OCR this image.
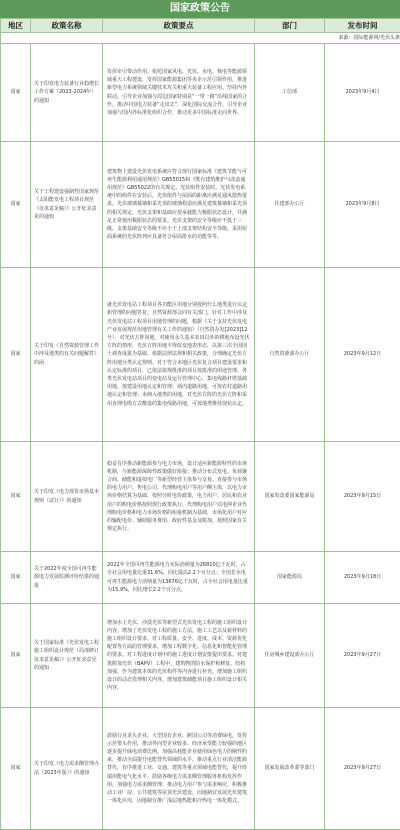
国家政策公告
地区	政策名称	政策要点	部门	发布时间
来源：国际能源网/光伏头条				
国家	关于印发电力装备行业稳增长工作方案（2023-2024年）的通知	发挥牵引带动作用。依托国家风电、光伏、水电、核电等能源领域重大工程建设，发挥国家能源集团等央企示范引领作用，推进新型电力系统领域关键技术攻关和重大装备工程应用。坚持内外联动，引导企业加强与周边国家特别是“一带一路”沿线国家的合作，推动中国电力装备“走出去”，深化国际交流合作。引导企业加强与国内外标准化组织合作，推动更多中国标准走向世界。	工信部	2023年9月4日
国家	关于工程建设强制性国家规范《太阳能发电工程项目规范（征求意见稿）》公开征求意见的通知	建筑物上建设光伏发电系统应符合现行国家标准《建筑节能与可再生能源利用通用规范》GB55015和《既有建筑维护与改造通用规范》GB55022的有关规定。光伏组件安装时，光伏发电系统中的组件在安装后，光伏组件与屋面的距离应满足通风散热要求。光伏玻璃幕墙和采光顶的玻璃构造应满足建筑幕墙和采光顶的相关规定。光伏支架和基础应按承载能力极限状态设计，并满足正常使用极限状态的要求。光伏支架的安全等级应不低于三级，支架基础安全等级不应小于上部支架结构安全等级。采用屋面系统的光伏阵列应具备符合屋面排水的功能等等。	住建部办公厅	2023年9月8日
国家	关于印发《自然资源管理工作中涉及地类的有关问题解答》的函	就光伏发电站工程项目各功能区用地分别按照什么地类进行认定和管理的问题答复。自然资源部会同有关部门，针对工作中涉及光伏发电站工程项目用地管理的问题，根据《关于支持光伏发电产业发展规范用地管理有关工作的通知》（自然资办发[2023]12号），对光伏方阵用地，对使用永久基本农田以外的耕地布设光伏方阵的情形，光伏方阵用地不得改变地表形态，以第三次全国国土调查成果为基础，依据法律法规和相关政策，合理确定光伏方阵用地分类认定规则。对于符合本地区光伏复合项目建设要求和认定标准的项目，已依法依规批准的项目按批准的用途管理。各类光伏发电站项目的变电站及运行管理中心、集电线路杆塔基础用地，按建设用地认定和管理；场内道路用地，可按农村道路用地认定和管理；未纳入地类的用地，对光伏方阵的光伏方阵和采用直埋电缆方式敷设的集电线路用地，可按地类维持现状认定。	自然资源部办公厅	2023年9月12日
国家	关于印发《电力现货市场基本规则（试行）》的通知	稳妥有序推动新能源参与电力市场，设计适应新能源特性的市场机制，与新能源保障性政策做好衔接；推动分布式发电、负荷聚合商、储能和虚拟电厂等新型经营主体参与交易。直接参与市场的电力用户、售电公司、代理购电用户等用户侧主体，以电力市场价格结算为基础，按照分时电价政策，电力用户、居民和农业用户的购电价格按照现行政策执行，代理购电用户以电网企业代理购电价格和电力市场价格的衔接机制为基础，市场化用户对应的输配电价、辅助服务费用、政府性基金及附加，按照国家有关规定执行。	国家发改委国家能源局	2023年9月15日
国家	关于2022年度全国可再生能源电力发展监测评价结果的通报	2022年全国可再生能源电力实际消纳量为26810亿千瓦时，占全社会用电量比重31.6%，同比提高2.2个百分点；全国非水电可再生能源电力消纳量为13676亿千瓦时，占全社会用电量比重为15.9%，同比增长2.2个百分点。	国家能源局	2023年9月18日
国家	关于国家标准《光伏发电工程施工组织设计规范（局部修订征求意见稿）》公开征求意见的通知	增加水上光伏、沙漠光伏等新型式光伏发电工程的施工组织设计内容。增加了光伏发电工程的施工方法，施工工艺以及新材料的施工组织设计要求。对工程质量、安全、进度、成本、资源优化配置等方面的管理要求，增加工程数字化、信息化和智能化管理的要求。对工程进度计划中的施工进度计划安排提出要求。对建筑附加光伏（BAPV）工程中，建筑物的防水保护和修复、结构加强，作为建筑本体的光伏构件等内容进行补充。增加施工组织设计的动态管理相关内容。增加建筑储能项目施工组织设计相关内容。	住房城乡建设部办公厅	2023年9月27日
国家	关于印发《电力需求侧管理办法（2023年版）》的通知	鼓励行业龙头企业、大型国有企业、跨国公司等消费绿电，发挥示范带头作用，推动外向型企业较多、经济承受能力较强的地区逐步提升绿电消费比例。加强高耗能企业使用绿色电力的刚性约束，推动全面提升电能替代领域的水平。推动重点行业清洁能源替代，有序推进工业、交通、建筑等重点领域电能替代，提升终端用能电气化水平。鼓励各级电力需求侧管理服务机构发挥作用，加强电力需求侧管理，推动电力用户参与需求响应。积极推动工业厂房、公共建筑等屋顶光伏建设，因地制宜发展光伏建筑一体化应用，因地制宜推广浅层地热能和冷热电一体化模式。	国家发展改革委等部门	2023年9月27日
